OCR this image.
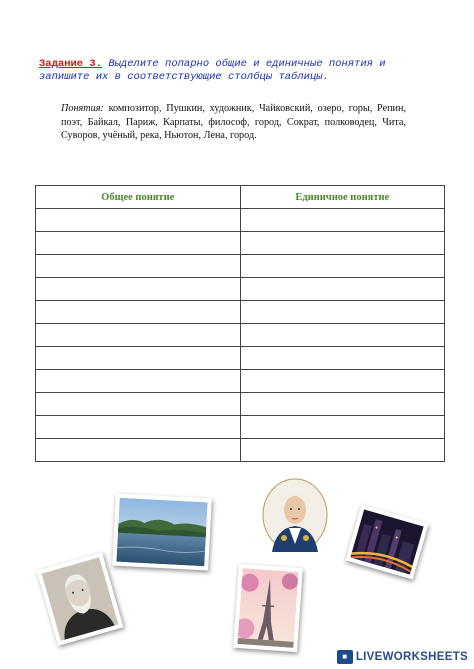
Задание 3. Выделите попарно общие и единичные понятия и запишите их в соответствующие столбцы таблицы.
Понятия: композитор, Пушкин, художник, Чайковский, озеро, горы, Репин, поэт, Байкал, Париж, Карпаты, философ, город, Сократ, полководец, Чита, Суворов, учёный, река, Ньютон, Лена, город.
Общее понятие	Единичное понятие

■ LIVEWORKSHEETS
